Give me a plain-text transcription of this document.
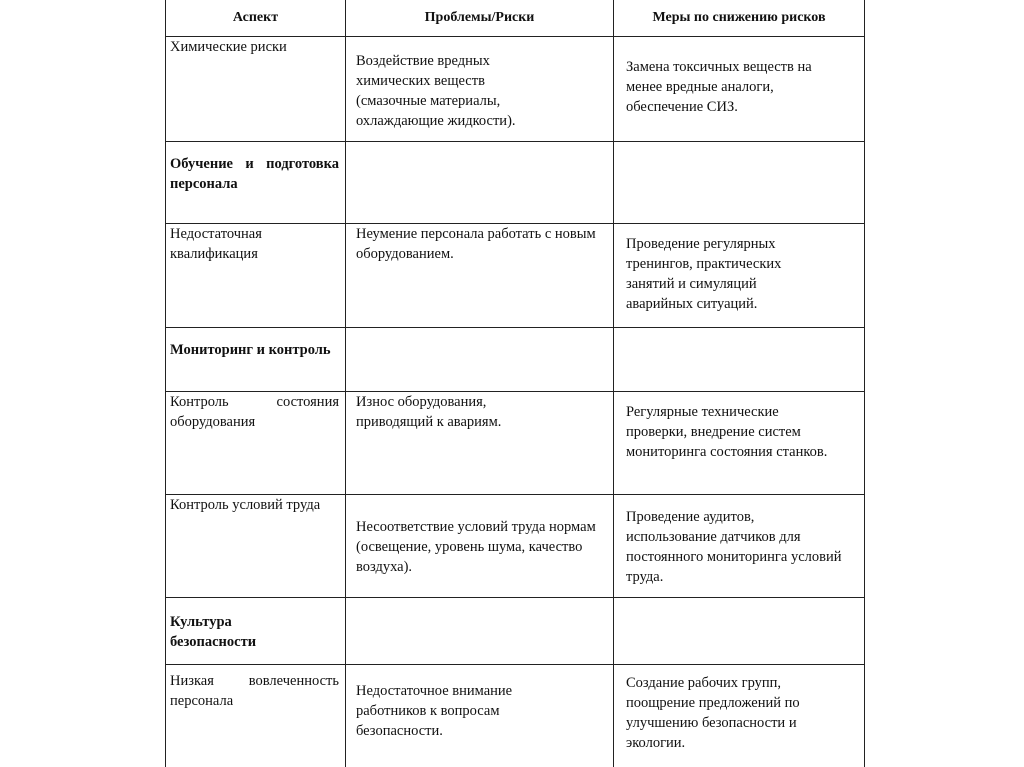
Аспект	Проблемы/Риски	Меры по снижению рисков

Химические риски	Воздействие вредных химических веществ (смазочные материалы, охлаждающие жидкости).	Замена токсичных веществ на менее вредные аналоги, обеспечение СИЗ.

Обучение и подготовка персонала		

Недостаточная квалификация	Неумение персонала работать с новым оборудованием.	Проведение регулярных тренингов, практических занятий и симуляций аварийных ситуаций.

Мониторинг и контроль		

Контроль состояния оборудования	Износ оборудования, приводящий к авариям.	Регулярные технические проверки, внедрение систем мониторинга состояния станков.

Контроль условий труда	Несоответствие условий труда нормам (освещение, уровень шума, качество воздуха).	Проведение аудитов, использование датчиков для постоянного мониторинга условий труда.

Культура безопасности		

Низкая вовлеченность персонала	Недостаточное внимание работников к вопросам безопасности.	Создание рабочих групп, поощрение предложений по улучшению безопасности и экологии.
